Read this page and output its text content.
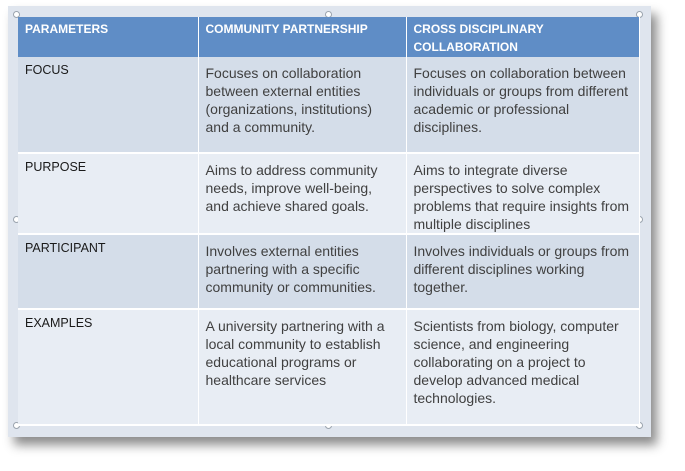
PARAMETERS	COMMUNITY PARTNERSHIP	CROSS DISCIPLINARY COLLABORATION
FOCUS	Focuses on collaboration between external entities (organizations, institutions) and a community.	Focuses on collaboration between individuals or groups from different academic or professional disciplines.
PURPOSE	Aims to address community needs, improve well-being, and achieve shared goals.	Aims to integrate diverse perspectives to solve complex problems that require insights from multiple disciplines
PARTICIPANT	Involves external entities partnering with a specific community or communities.	Involves individuals or groups from different disciplines working together.
EXAMPLES	A university partnering with a local community to establish educational programs or healthcare services	Scientists from biology, computer science, and engineering collaborating on a project to develop advanced medical technologies.
